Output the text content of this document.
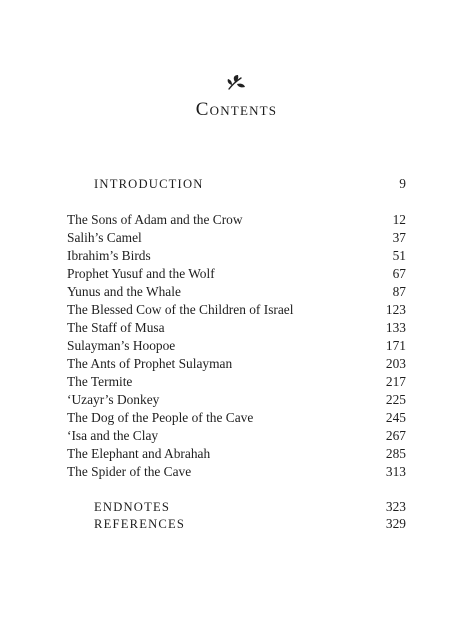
Contents
INTRODUCTION	9
The Sons of Adam and the Crow	12
Salih’s Camel	37
Ibrahim’s Birds	51
Prophet Yusuf and the Wolf	67
Yunus and the Whale	87
The Blessed Cow of the Children of Israel	123
The Staff of Musa	133
Sulayman’s Hoopoe	171
The Ants of Prophet Sulayman	203
The Termite	217
‘Uzayr’s Donkey	225
The Dog of the People of the Cave	245
‘Isa and the Clay	267
The Elephant and Abrahah	285
The Spider of the Cave	313
ENDNOTES	323
REFERENCES	329
